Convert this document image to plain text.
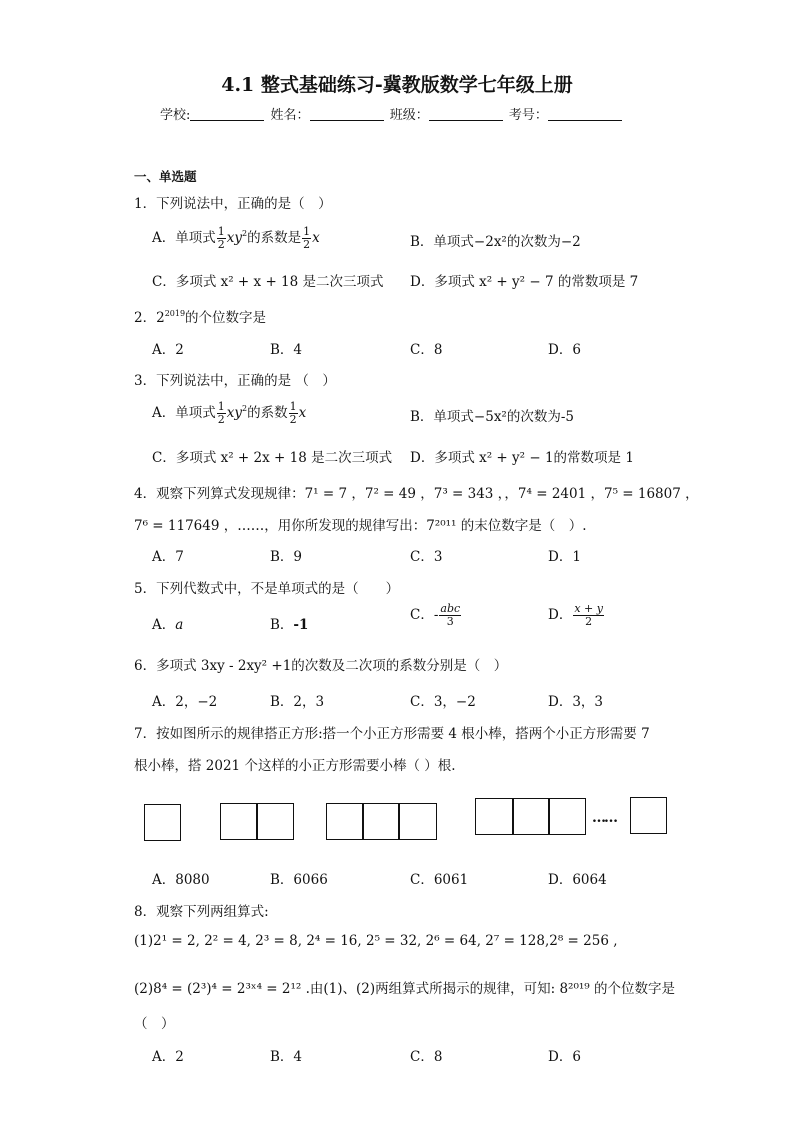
4.1 整式基础练习-冀教版数学七年级上册
学校:	姓名：	班级：	考号：
一、单选题
1．下列说法中，正确的是（　）
A．单项式 $\frac{1}{2} xy^2$的系数是 $\frac{1}{2}$ x	B．单项式−2x²的次数为−2
C．多项式 x² + x + 18 是二次三项式 D．多项式 x² + y² − 7 的常数项是 7
2．$2^{2019}$的个位数字是
A．2	B．4	C．8	D．6
3．下列说法中，正确的是 （　）
A．单项式 $\frac{1}{2} xy^2$的系数 $\frac{1}{2}$ x	B．单项式−5x²的次数为-5
C．多项式 x² + 2x + 18 是二次三项式 D．多项式 x² + y² − 1的常数项是 1
4．观察下列算式发现规律：7¹ = 7 ，7² = 49 ，7³ = 343 ，，7⁴ = 2401 ，7⁵ = 16807 ，
7⁶ = 117649 ，……，用你所发现的规律写出：7²⁰¹¹ 的末位数字是（　）.
A．7	B．9	C．3	D．1
5．下列代数式中，不是单项式的是（　　）
A．a	B．-1
C．- $\frac{\text{abc}}{3}$	D． $\frac{x + y}{2}$
6．多项式 3xy - 2xy² +1的次数及二次项的系数分别是（　）
A．2，−2	B．2，3	C．3，−2	D．3，3
7．按如图所示的规律搭正方形:搭一个小正方形需要 4 根小棒，搭两个小正方形需要 7
根小棒，搭 2021 个这样的小正方形需要小棒（ ）根.
……
A．8080	B．6066	C．6061	D．6064
8．观察下列两组算式:
(1)2¹ = 2, 2² = 4, 2³ = 8, 2⁴ = 16, 2⁵ = 32, 2⁶ = 64, 2⁷ = 128,2⁸ = 256 ,
(2)8⁴ = (2³)⁴ = 2³ˣ⁴ = 2¹² .由(1)、(2)两组算式所揭示的规律，可知: 8²⁰¹⁹ 的个位数字是
（　）
A．2	B．4	C．8	D．6
